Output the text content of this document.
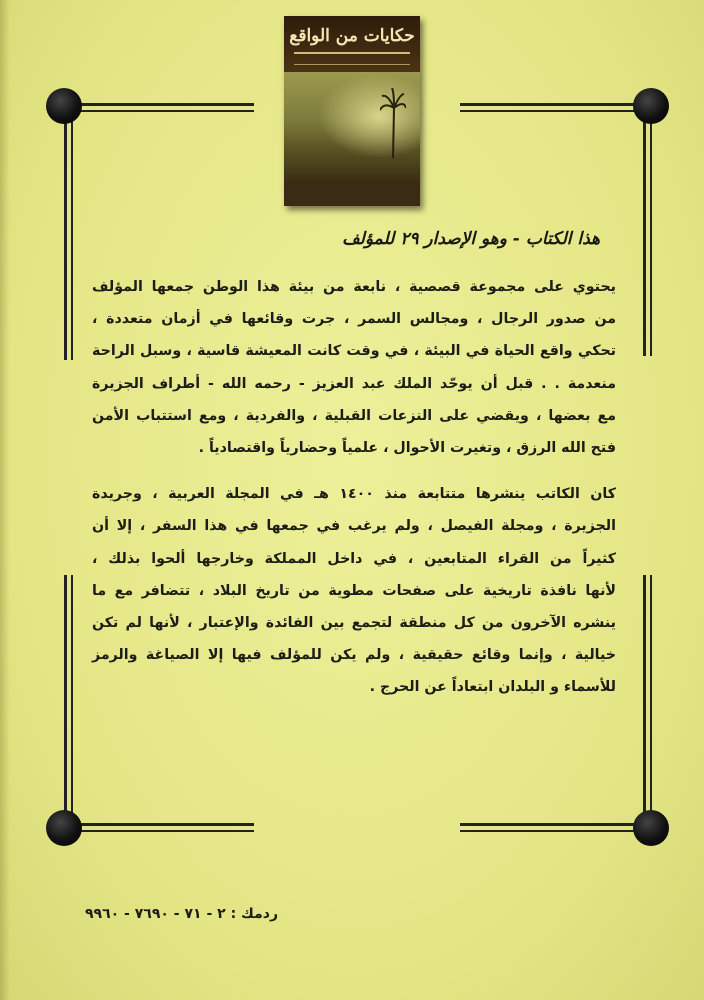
حكايات من الواقع
هذا الكتاب - وهو الإصدار ٢٩ للمؤلف
يحتوي على مجموعة قصصية ، نابعة من بيئة هذا الوطن جمعها المؤلف
من صدور الرجال ، ومجالس السمر ، جرت وقائعها في أزمان متعددة ،
تحكي واقع الحياة في البيئة ، في وقت كانت المعيشة قاسية ، وسبل الراحة
منعدمة . . قبل أن يوحّد الملك عبد العزيز - رحمه الله - أطراف الجزيرة
مع بعضها ، ويقضي على النزعات القبلية ، والفردية ، ومع استتباب الأمن
فتح الله الرزق ، وتغيرت الأحوال ، علمياً وحضارياً واقتصادياً .
كان الكاتب ينشرها متتابعة منذ ١٤٠٠ هـ في المجلة العربية ، وجريدة
الجزيرة ، ومجلة الفيصل ، ولم يرغب في جمعها في هذا السفر ، إلا أن
كثيراً من القراء المتابعين ، في داخل المملكة وخارجها ألحوا بذلك ،
لأنها نافذة تاريخية على صفحات مطوية من تاريخ البلاد ، تتضافر مع ما
ينشره الآخرون من كل منطقة لتجمع بين الفائدة والإعتبار ، لأنها لم تكن
خيالية ، وإنما وقائع حقيقية ، ولم يكن للمؤلف فيها إلا الصياغة والرمز
للأسماء و البلدان ابتعاداً عن الحرج .
ردمك : ٢ - ٧١ - ٧٦٩٠ - ٩٩٦٠
